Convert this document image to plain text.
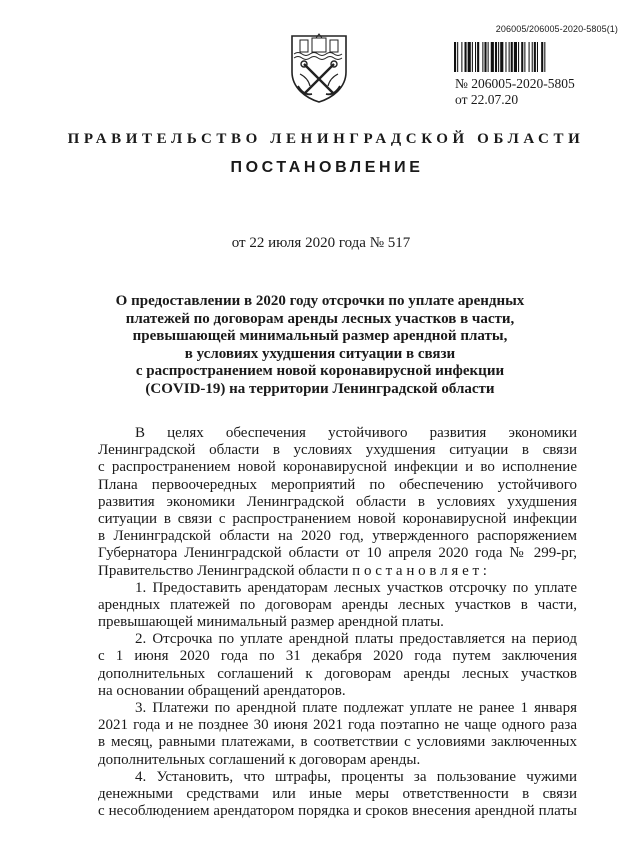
206005/206005-2020-5805(1)
№ 206005-2020-5805
от 22.07.20
ПРАВИТЕЛЬСТВО ЛЕНИНГРАДСКОЙ ОБЛАСТИ
ПОСТАНОВЛЕНИЕ
от 22 июля 2020 года № 517
О предоставлении в 2020 году отсрочки по уплате арендных
платежей по договорам аренды лесных участков в части,
превышающей минимальный размер арендной платы,
в условиях ухудшения ситуации в связи
с распространением новой коронавирусной инфекции
(COVID-19) на территории Ленинградской области
В целях обеспечения устойчивого развития экономики
Ленинградской области в условиях ухудшения ситуации в связи
с распространением новой коронавирусной инфекции и во исполнение
Плана первоочередных мероприятий по обеспечению устойчивого
развития экономики Ленинградской области в условиях ухудшения
ситуации в связи с распространением новой коронавирусной инфекции
в Ленинградской области на 2020 год, утвержденного распоряжением
Губернатора Ленинградской области от 10 апреля 2020 года № 299-рг,
Правительство Ленинградской области п о с т а н о в л я е т :
1. Предоставить арендаторам лесных участков отсрочку по уплате
арендных платежей по договорам аренды лесных участков в части,
превышающей минимальный размер арендной платы.
2. Отсрочка по уплате арендной платы предоставляется на период
с 1 июня 2020 года по 31 декабря 2020 года путем заключения
дополнительных соглашений к договорам аренды лесных участков
на основании обращений арендаторов.
3. Платежи по арендной плате подлежат уплате не ранее 1 января
2021 года и не позднее 30 июня 2021 года поэтапно не чаще одного раза
в месяц, равными платежами, в соответствии с условиями заключенных
дополнительных соглашений к договорам аренды.
4. Установить, что штрафы, проценты за пользование чужими
денежными средствами или иные меры ответственности в связи
с несоблюдением арендатором порядка и сроков внесения арендной платы
